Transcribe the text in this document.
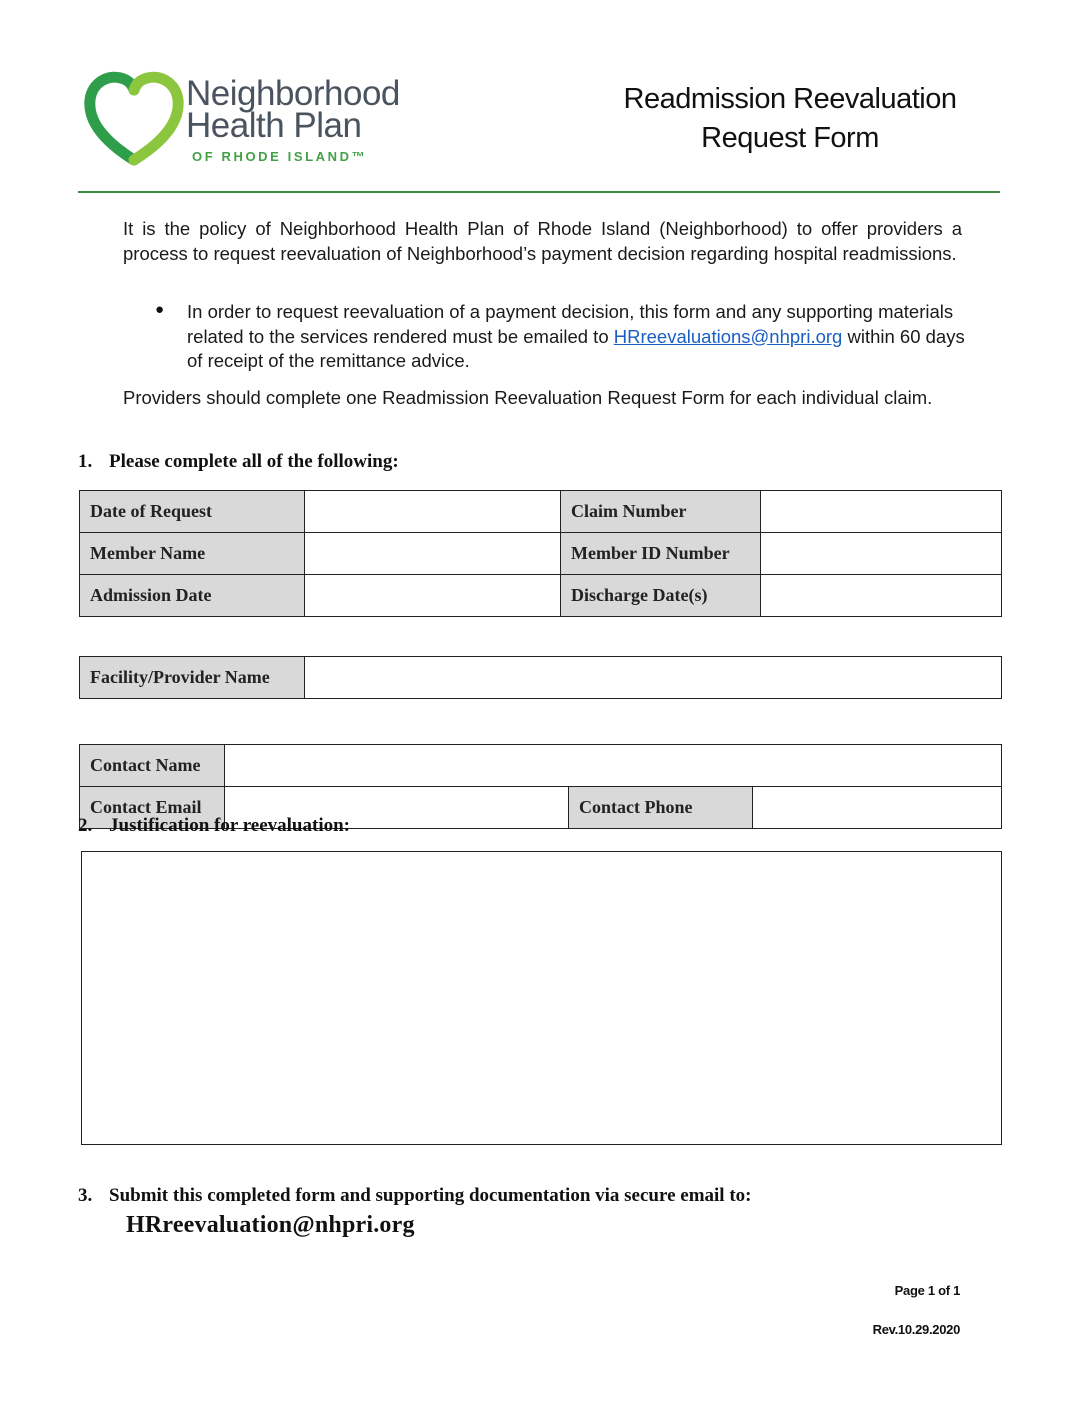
Neighborhood
Health Plan
OF RHODE ISLAND™
Readmission Reevaluation
Request Form
It is the policy of Neighborhood Health Plan of Rhode Island (Neighborhood) to offer providers a process to request reevaluation of Neighborhood’s payment decision regarding hospital readmissions.
● In order to request reevaluation of a payment decision, this form and any supporting materials related to the services rendered must be emailed to HRreevaluations@nhpri.org within 60 days of receipt of the remittance advice.
Providers should complete one Readmission Reevaluation Request Form for each individual claim.
1. Please complete all of the following:
Date of Request		Claim Number	
Member Name		Member ID Number	
Admission Date		Discharge Date(s)	
Facility/Provider Name	
Contact Name			
Contact Email		Contact Phone	
2. Justification for reevaluation:
3. Submit this completed form and supporting documentation via secure email to:
HRreevaluation@nhpri.org
Page 1 of 1
Rev.10.29.2020
